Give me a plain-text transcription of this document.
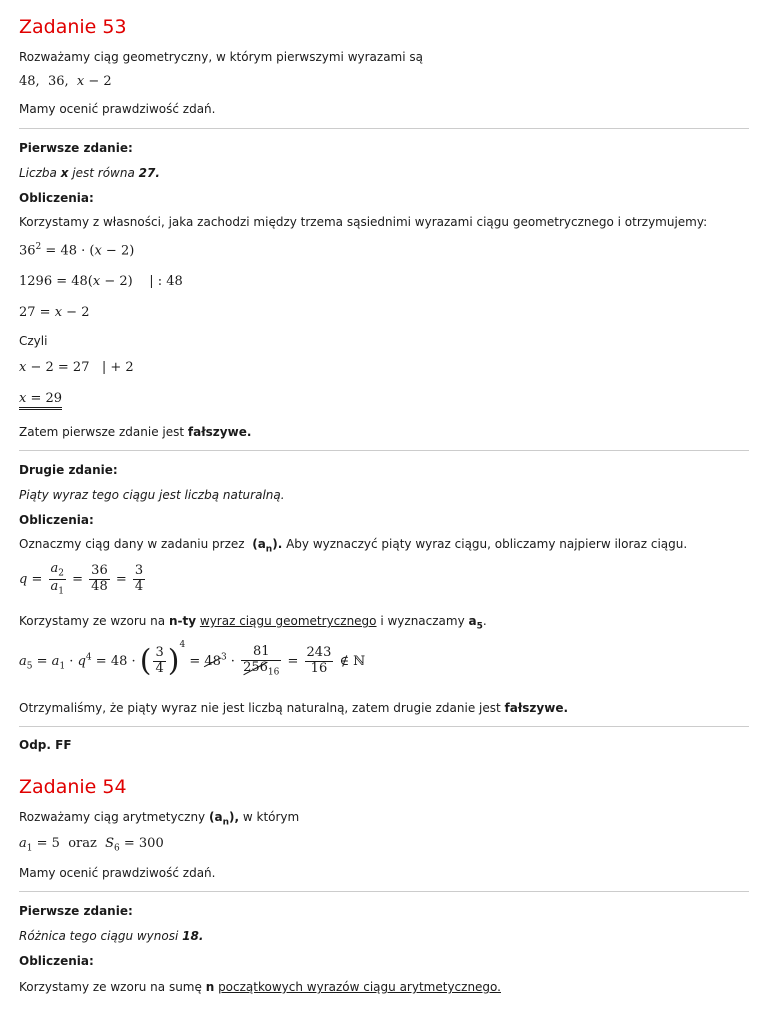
Zadanie 53
Rozważamy ciąg geometryczny, w którym pierwszymi wyrazami są
48, 36, x − 2
Mamy ocenić prawdziwość zdań.
Pierwsze zdanie:
Liczba x jest równa 27.
Obliczenia:
Korzystamy z własności, jaka zachodzi między trzema sąsiednimi wyrazami ciągu geometrycznego i otrzymujemy:
$36^2 = 48 \cdot (x - 2)$
1296 = 48(x − 2) | : 48
27 = x − 2
Czyli
x − 2 = 27 | + 2
x = 29
Zatem pierwsze zdanie jest fałszywe.
Drugie zdanie:
Piąty wyraz tego ciągu jest liczbą naturalną.
Obliczenia:
Oznaczmy ciąg dany w zadaniu przez  $(a_n)$. Aby wyznaczyć piąty wyraz ciągu, obliczamy najpierw iloraz ciągu.
$q = \frac{a_2}{a_1} = \frac{36}{48} = \frac{3}{4}$
Korzystamy ze wzoru na n-ty wyraz ciągu geometrycznego i wyznaczamy $a_5$.
$a_5 = a_1 \cdot q^4 = 48$ · ( $\frac{3}{4} )^4 = 48^3 \cdot \frac{81}{256_{16}} = \frac{243}{16}$ ∉ ℕ
Otrzymaliśmy, że piąty wyraz nie jest liczbą naturalną, zatem drugie zdanie jest fałszywe.
Odp. FF
Zadanie 54
Rozważamy ciąg arytmetyczny $(a_n)$, w którym
$a_1 = 5$ oraz $S_6 = 300$
Mamy ocenić prawdziwość zdań.
Pierwsze zdanie:
Różnica tego ciągu wynosi 18.
Obliczenia:
Korzystamy ze wzoru na sumę n początkowych wyrazów ciągu arytmetycznego.
